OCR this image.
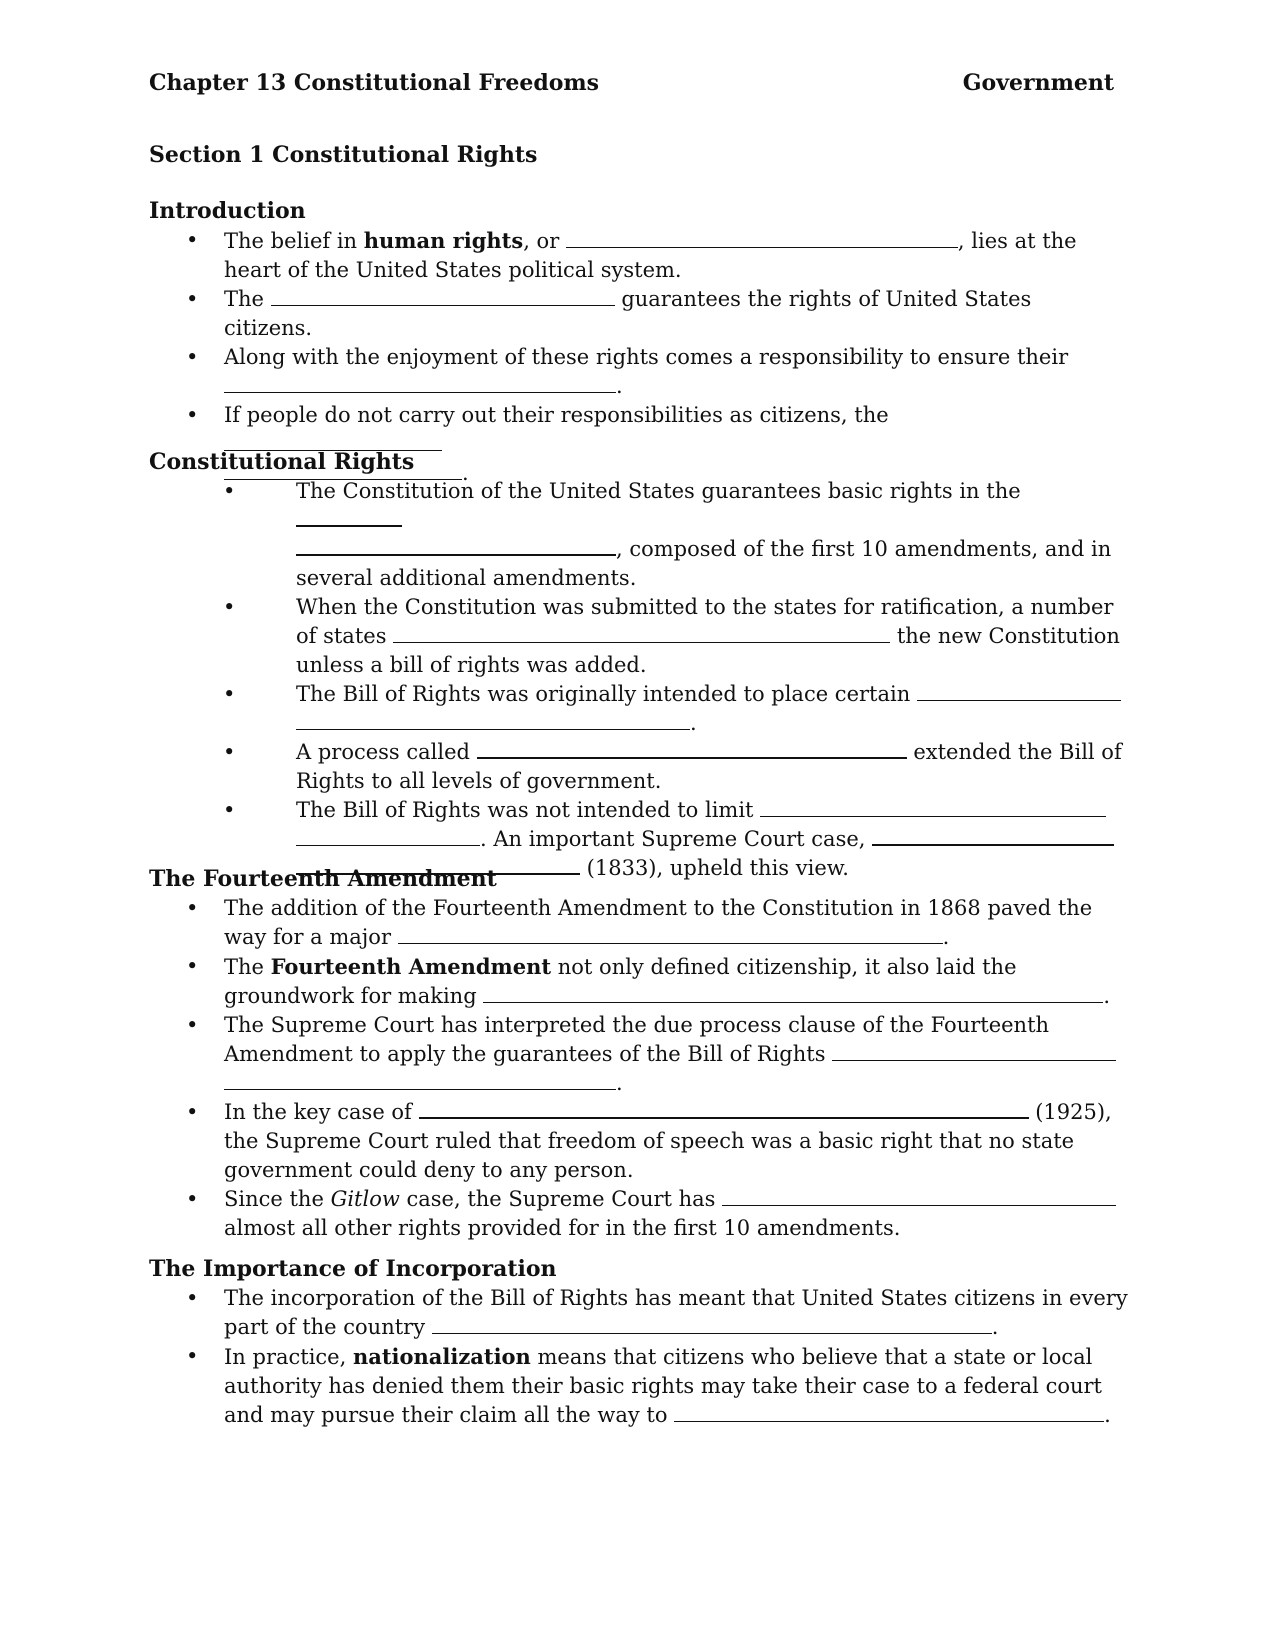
Chapter 13 Constitutional Freedoms	Government
Section 1 Constitutional Rights
Introduction
• The belief in human rights, or	, lies at the
heart of the United States political system.
• The	guarantees the rights of United States citizens.
• Along with the enjoyment of these rights comes a responsibility to ensure their
.
• If people do not carry out their responsibilities as citizens, the
.
Constitutional Rights
• The Constitution of the United States guarantees basic rights in the
, composed of the first 10 amendments, and in
several additional amendments.
• When the Constitution was submitted to the states for ratification, a number
of states	the new Constitution
unless a bill of rights was added.
• The Bill of Rights was originally intended to place certain
.
• A process called	extended the Bill of
Rights to all levels of government.
• The Bill of Rights was not intended to limit
. An important Supreme Court case,
(1833), upheld this view.
The Fourteenth Amendment
• The addition of the Fourteenth Amendment to the Constitution in 1868 paved the
way for a major	.
• The Fourteenth Amendment not only defined citizenship, it also laid the
groundwork for making	.
• The Supreme Court has interpreted the due process clause of the Fourteenth
Amendment to apply the guarantees of the Bill of Rights
.
• In the key case of	(1925),
the Supreme Court ruled that freedom of speech was a basic right that no state
government could deny to any person.
• Since the Gitlow case, the Supreme Court has
almost all other rights provided for in the first 10 amendments.
The Importance of Incorporation
• The incorporation of the Bill of Rights has meant that United States citizens in every
part of the country	.
• In practice, nationalization means that citizens who believe that a state or local
authority has denied them their basic rights may take their case to a federal court
and may pursue their claim all the way to	.
